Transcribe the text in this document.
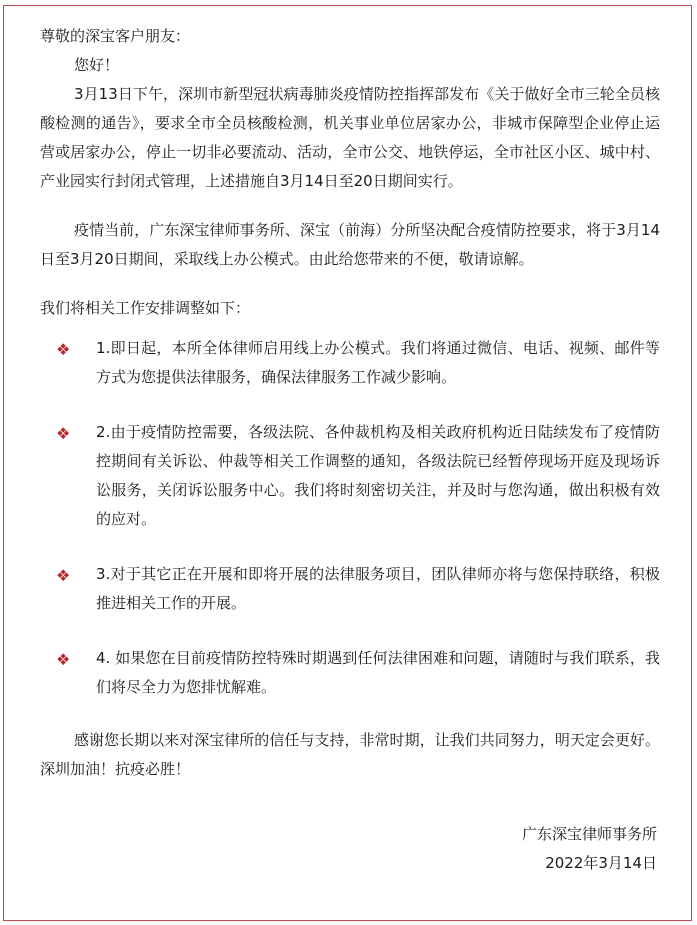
尊敬的深宝客户朋友：
您好！
3月13日下午，深圳市新型冠状病毒肺炎疫情防控指挥部发布《关于做好全市三轮全员核酸检测的通告》，要求全市全员核酸检测，机关事业单位居家办公，非城市保障型企业停止运营或居家办公，停止一切非必要流动、活动，全市公交、地铁停运，全市社区小区、城中村、产业园实行封闭式管理，上述措施自3月14日至20日期间实行。
疫情当前，广东深宝律师事务所、深宝（前海）分所坚决配合疫情防控要求，将于3月14日至3月20日期间，采取线上办公模式。由此给您带来的不便，敬请谅解。
我们将相关工作安排调整如下：
❖ 1.即日起，本所全体律师启用线上办公模式。我们将通过微信、电话、视频、邮件等方式为您提供法律服务，确保法律服务工作减少影响。
❖ 2.由于疫情防控需要，各级法院、各仲裁机构及相关政府机构近日陆续发布了疫情防控期间有关诉讼、仲裁等相关工作调整的通知，各级法院已经暂停现场开庭及现场诉讼服务，关闭诉讼服务中心。我们将时刻密切关注，并及时与您沟通，做出积极有效的应对。
❖ 3.对于其它正在开展和即将开展的法律服务项目，团队律师亦将与您保持联络，积极推进相关工作的开展。
❖ 4. 如果您在目前疫情防控特殊时期遇到任何法律困难和问题，请随时与我们联系，我们将尽全力为您排忧解难。
感谢您长期以来对深宝律所的信任与支持，非常时期，让我们共同努力，明天定会更好。深圳加油！抗疫必胜！
广东深宝律师事务所
2022年3月14日
